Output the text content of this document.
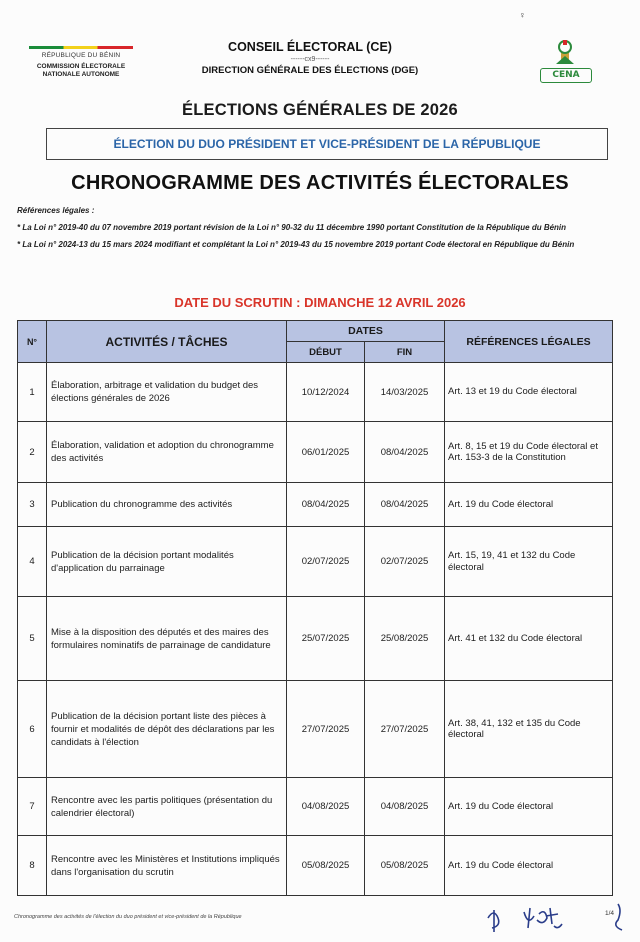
♀
RÉPUBLIQUE DU BÉNIN
COMMISSION ÉLECTORALE
NATIONALE AUTONOME
CONSEIL ÉLECTORAL (CE)
------cx9------
DIRECTION GÉNÉRALE DES ÉLECTIONS (DGE)	CENA
ÉLECTIONS GÉNÉRALES DE 2026
ÉLECTION DU DUO PRÉSIDENT ET VICE-PRÉSIDENT DE LA RÉPUBLIQUE
CHRONOGRAMME DES ACTIVITÉS ÉLECTORALES

Références légales :

* La Loi n° 2019-40 du 07 novembre 2019 portant révision de la Loi n° 90-32 du 11 décembre 1990 portant Constitution de la République du Bénin

* La Loi n° 2024-13 du 15 mars 2024 modifiant et complétant la Loi n° 2019-43 du 15 novembre 2019 portant Code électoral en République du Bénin

DATE DU SCRUTIN : DIMANCHE 12 AVRIL 2026
N°	ACTIVITÉS / TÂCHES	DATES		RÉFÉRENCES LÉGALES
		DÉBUT	FIN	
1	Élaboration, arbitrage et validation du budget des élections générales de 2026	10/12/2024	14/03/2025	Art. 13 et 19 du Code électoral
2	Élaboration, validation et adoption du chronogramme des activités	06/01/2025	08/04/2025	Art. 8, 15 et 19 du Code électoral et Art. 153-3 de la Constitution
3	Publication du chronogramme des activités	08/04/2025	08/04/2025	Art. 19 du Code électoral
4	Publication de la décision portant modalités d'application du parrainage	02/07/2025	02/07/2025	Art. 15, 19, 41 et 132 du Code électoral
5	Mise à la disposition des députés et des maires des formulaires nominatifs de parrainage de candidature	25/07/2025	25/08/2025	Art. 41 et 132 du Code électoral
6	Publication de la décision portant liste des pièces à fournir et modalités de dépôt des déclarations par les candidats à l'élection	27/07/2025	27/07/2025	Art. 38, 41, 132 et 135 du Code électoral
7	Rencontre avec les partis politiques (présentation du calendrier électoral)	04/08/2025	04/08/2025	Art. 19 du Code électoral
8	Rencontre avec les Ministères et Institutions impliqués dans l'organisation du scrutin	05/08/2025	05/08/2025	Art. 19 du Code électoral
Chronogramme des activités de l'élection du duo président et vice-président de la République	1/4
